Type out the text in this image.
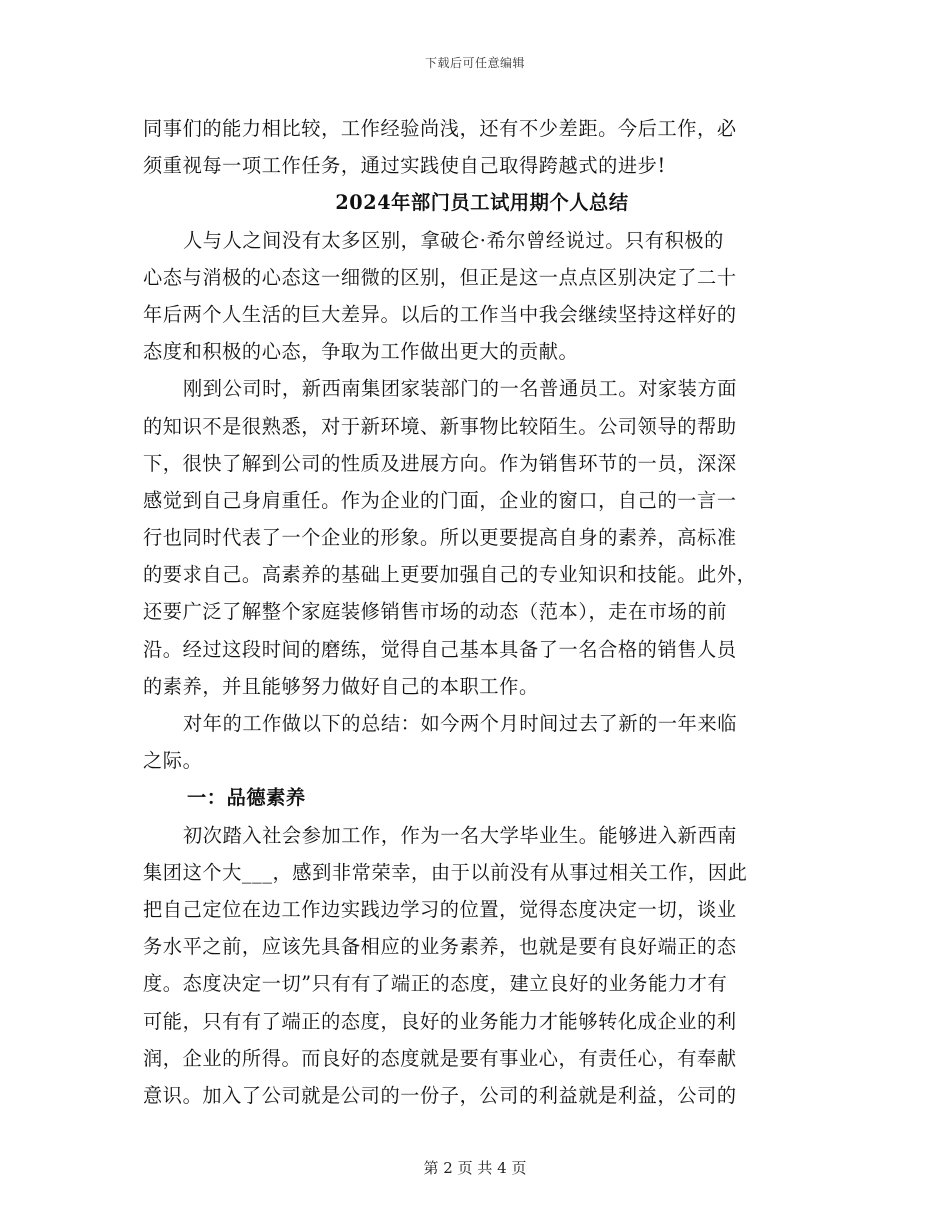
下载后可任意编辑
同事们的能力相比较，工作经验尚浅，还有不少差距。今后工作，必
须重视每一项工作任务，通过实践使自己取得跨越式的进步!
2024年部门员工试用期个人总结
人与人之间没有太多区别，拿破仑·希尔曾经说过。只有积极的
心态与消极的心态这一细微的区别，但正是这一点点区别决定了二十
年后两个人生活的巨大差异。以后的工作当中我会继续坚持这样好的
态度和积极的心态，争取为工作做出更大的贡献。
刚到公司时，新西南集团家装部门的一名普通员工。对家装方面
的知识不是很熟悉，对于新环境、新事物比较陌生。公司领导的帮助
下，很快了解到公司的性质及进展方向。作为销售环节的一员，深深
感觉到自己身肩重任。作为企业的门面，企业的窗口，自己的一言一
行也同时代表了一个企业的形象。所以更要提高自身的素养，高标准
的要求自己。高素养的基础上更要加强自己的专业知识和技能。此外，
还要广泛了解整个家庭装修销售市场的动态（范本），走在市场的前
沿。经过这段时间的磨练，觉得自己基本具备了一名合格的销售人员
的素养，并且能够努力做好自己的本职工作。
对年的工作做以下的总结：如今两个月时间过去了新的一年来临
之际。
一：品德素养
初次踏入社会参加工作，作为一名大学毕业生。能够进入新西南
集团这个大___，感到非常荣幸，由于以前没有从事过相关工作，因此
把自己定位在边工作边实践边学习的位置，觉得态度决定一切，谈业
务水平之前，应该先具备相应的业务素养，也就是要有良好端正的态
度。态度决定一切”只有有了端正的态度，建立良好的业务能力才有
可能，只有有了端正的态度，良好的业务能力才能够转化成企业的利
润，企业的所得。而良好的态度就是要有事业心，有责任心，有奉献
意识。加入了公司就是公司的一份子，公司的利益就是利益，公司的
第 2 页 共 4 页
